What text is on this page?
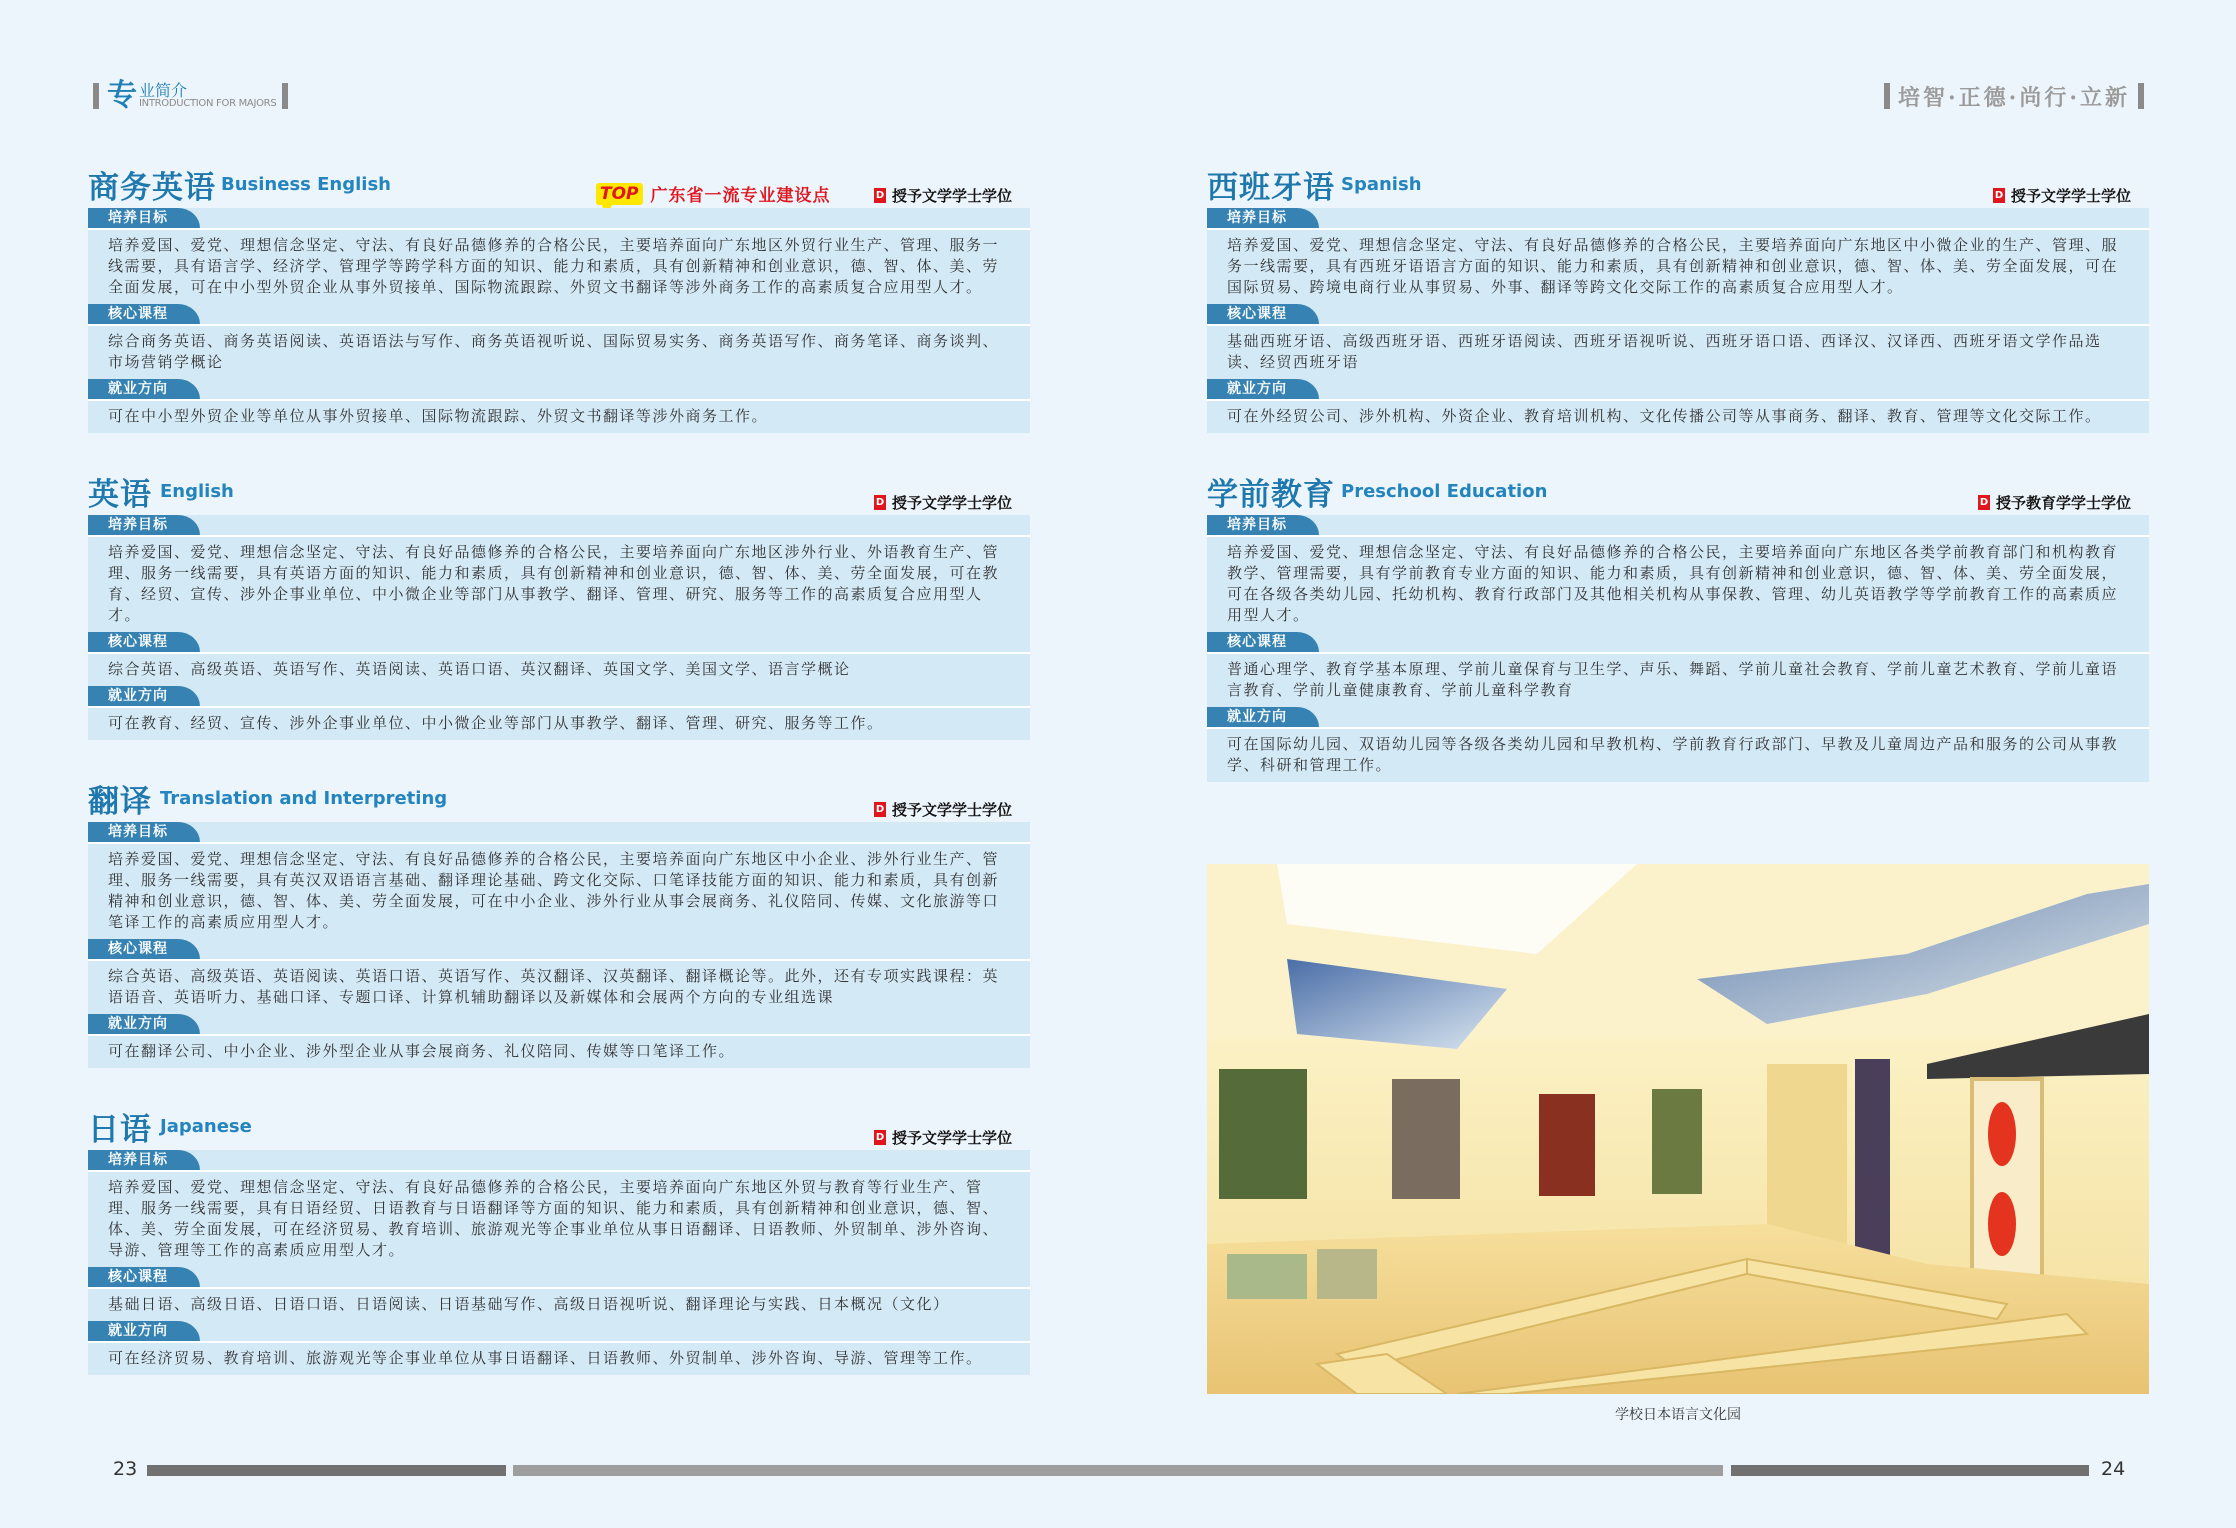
专 业简介
INTRODUCTION FOR MAJORS	培智·正德·尚行·立新
商务英语 Business English	TOP 广东省一流专业建设点	D 授予文学学士学位
培养目标
培养爱国、爱党、理想信念坚定、守法、有良好品德修养的合格公民，主要培养面向广东地区外贸行业生产、管理、服务一线需要，具有语言学、经济学、管理学等跨学科方面的知识、能力和素质，具有创新精神和创业意识，德、智、体、美、劳全面发展，可在中小型外贸企业从事外贸接单、国际物流跟踪、外贸文书翻译等涉外商务工作的高素质复合应用型人才。
核心课程
综合商务英语、商务英语阅读、英语语法与写作、商务英语视听说、国际贸易实务、商务英语写作、商务笔译、商务谈判、市场营销学概论
就业方向
可在中小型外贸企业等单位从事外贸接单、国际物流跟踪、外贸文书翻译等涉外商务工作。
英语 English
D 授予文学学士学位
培养目标
培养爱国、爱党、理想信念坚定、守法、有良好品德修养的合格公民，主要培养面向广东地区涉外行业、外语教育生产、管理、服务一线需要，具有英语方面的知识、能力和素质，具有创新精神和创业意识，德、智、体、美、劳全面发展，可在教育、经贸、宣传、涉外企事业单位、中小微企业等部门从事教学、翻译、管理、研究、服务等工作的高素质复合应用型人才。
核心课程
综合英语、高级英语、英语写作、英语阅读、英语口语、英汉翻译、英国文学、美国文学、语言学概论
就业方向
可在教育、经贸、宣传、涉外企事业单位、中小微企业等部门从事教学、翻译、管理、研究、服务等工作。
翻译 Translation and Interpreting
D 授予文学学士学位
培养目标
培养爱国、爱党、理想信念坚定、守法、有良好品德修养的合格公民，主要培养面向广东地区中小企业、涉外行业生产、管理、服务一线需要，具有英汉双语语言基础、翻译理论基础、跨文化交际、口笔译技能方面的知识、能力和素质，具有创新精神和创业意识，德、智、体、美、劳全面发展，可在中小企业、涉外行业从事会展商务、礼仪陪同、传媒、文化旅游等口笔译工作的高素质应用型人才。
核心课程
综合英语、高级英语、英语阅读、英语口语、英语写作、英汉翻译、汉英翻译、翻译概论等。此外，还有专项实践课程：英语语音、英语听力、基础口译、专题口译、计算机辅助翻译以及新媒体和会展两个方向的专业组选课
就业方向
可在翻译公司、中小企业、涉外型企业从事会展商务、礼仪陪同、传媒等口笔译工作。
日语 Japanese
D 授予文学学士学位
培养目标
培养爱国、爱党、理想信念坚定、守法、有良好品德修养的合格公民，主要培养面向广东地区外贸与教育等行业生产、管理、服务一线需要，具有日语经贸、日语教育与日语翻译等方面的知识、能力和素质，具有创新精神和创业意识，德、智、体、美、劳全面发展，可在经济贸易、教育培训、旅游观光等企事业单位从事日语翻译、日语教师、外贸制单、涉外咨询、导游、管理等工作的高素质应用型人才。
核心课程
基础日语、高级日语、日语口语、日语阅读、日语基础写作、高级日语视听说、翻译理论与实践、日本概况（文化）
就业方向
可在经济贸易、教育培训、旅游观光等企事业单位从事日语翻译、日语教师、外贸制单、涉外咨询、导游、管理等工作。
西班牙语 Spanish
D 授予文学学士学位
培养目标
培养爱国、爱党、理想信念坚定、守法、有良好品德修养的合格公民，主要培养面向广东地区中小微企业的生产、管理、服务一线需要，具有西班牙语语言方面的知识、能力和素质，具有创新精神和创业意识，德、智、体、美、劳全面发展，可在国际贸易、跨境电商行业从事贸易、外事、翻译等跨文化交际工作的高素质复合应用型人才。
核心课程
基础西班牙语、高级西班牙语、西班牙语阅读、西班牙语视听说、西班牙语口语、西译汉、汉译西、西班牙语文学作品选读、经贸西班牙语
就业方向
可在外经贸公司、涉外机构、外资企业、教育培训机构、文化传播公司等从事商务、翻译、教育、管理等文化交际工作。
学前教育 Preschool Education
D 授予教育学学士学位
培养目标
培养爱国、爱党、理想信念坚定、守法、有良好品德修养的合格公民，主要培养面向广东地区各类学前教育部门和机构教育教学、管理需要，具有学前教育专业方面的知识、能力和素质，具有创新精神和创业意识，德、智、体、美、劳全面发展，可在各级各类幼儿园、托幼机构、教育行政部门及其他相关机构从事保教、管理、幼儿英语教学等学前教育工作的高素质应用型人才。
核心课程
普通心理学、教育学基本原理、学前儿童保育与卫生学、声乐、舞蹈、学前儿童社会教育、学前儿童艺术教育、学前儿童语言教育、学前儿童健康教育、学前儿童科学教育
就业方向
可在国际幼儿园、双语幼儿园等各级各类幼儿园和早教机构、学前教育行政部门、早教及儿童周边产品和服务的公司从事教学、科研和管理工作。
学校日本语言文化园
23	24
